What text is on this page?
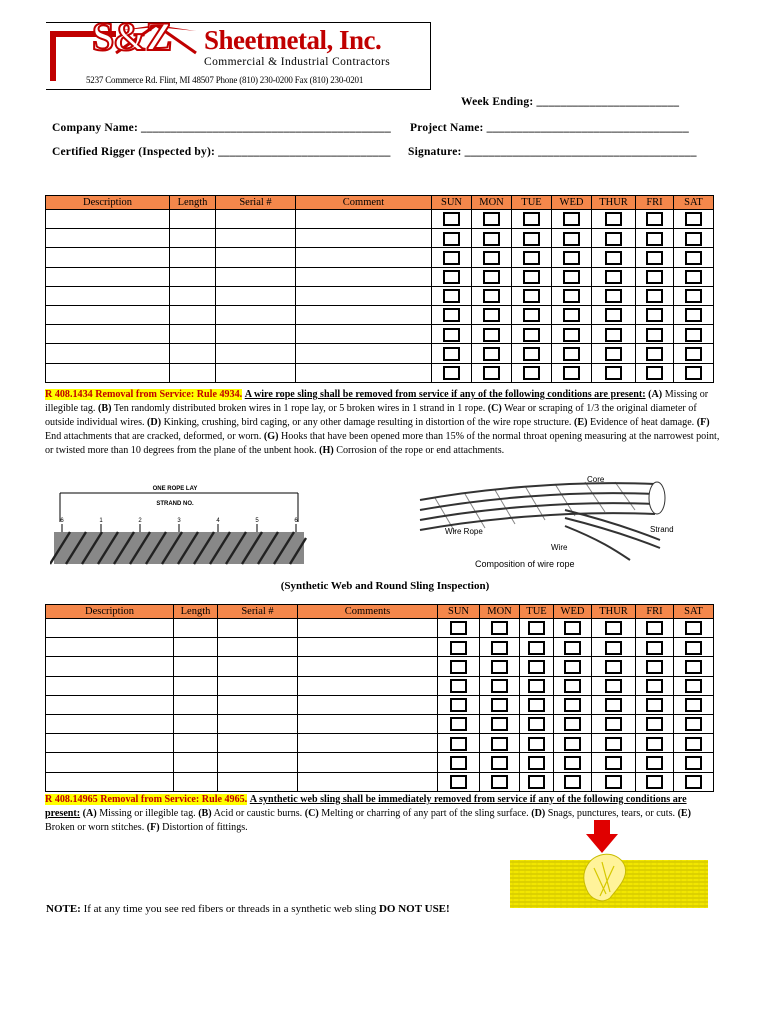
S&Z Sheetmetal, Inc.
Commercial & Industrial Contractors
5237 Commerce Rd. Flint, MI 48507 Phone (810) 230-0200 Fax (810) 230-0201
Week Ending: ________________________
Company Name: __________________________________________ Project Name: __________________________________
Certified Rigger (Inspected by): _____________________________ Signature: _______________________________________
Description	Length	Serial #	Comment	SUN	MON	TUE	WED	THUR	FRI	SAT

R 408.1434 Removal from Service: Rule 4934. A wire rope sling shall be removed from service if any of the following conditions are present: (A) Missing or illegible tag. (B) Ten randomly distributed broken wires in 1 rope lay, or 5 broken wires in 1 strand in 1 rope. (C) Wear or scraping of 1/3 the original diameter of outside individual wires. (D) Kinking, crushing, bird caging, or any other damage resulting in distortion of the wire rope structure. (E) Evidence of heat damage. (F) End attachments that are cracked, deformed, or worn. (G) Hooks that have been opened more than 15% of the normal throat opening measuring at the narrowest point, or twisted more than 10 degrees from the plane of the unbent hook. (H) Corrosion of the rope or end attachments.
ONE ROPE LAY
STRAND NO.
6	1	2	3	4	5	6
Core
Wire Rope	Strand
Wire
Composition of wire rope
(Synthetic Web and Round Sling Inspection)
Description	Length	Serial #	Comments	SUN	MON	TUE	WED	THUR	FRI	SAT

R 408.14965 Removal from Service: Rule 4965. A synthetic web sling shall be immediately removed from service if any of the following conditions are present: (A) Missing or illegible tag. (B) Acid or caustic burns. (C) Melting or charring of any part of the sling surface. (D) Snags, punctures, tears, or cuts. (E) Broken or worn stitches. (F) Distortion of fittings.
NOTE: If at any time you see red fibers or threads in a synthetic web sling DO NOT USE!
